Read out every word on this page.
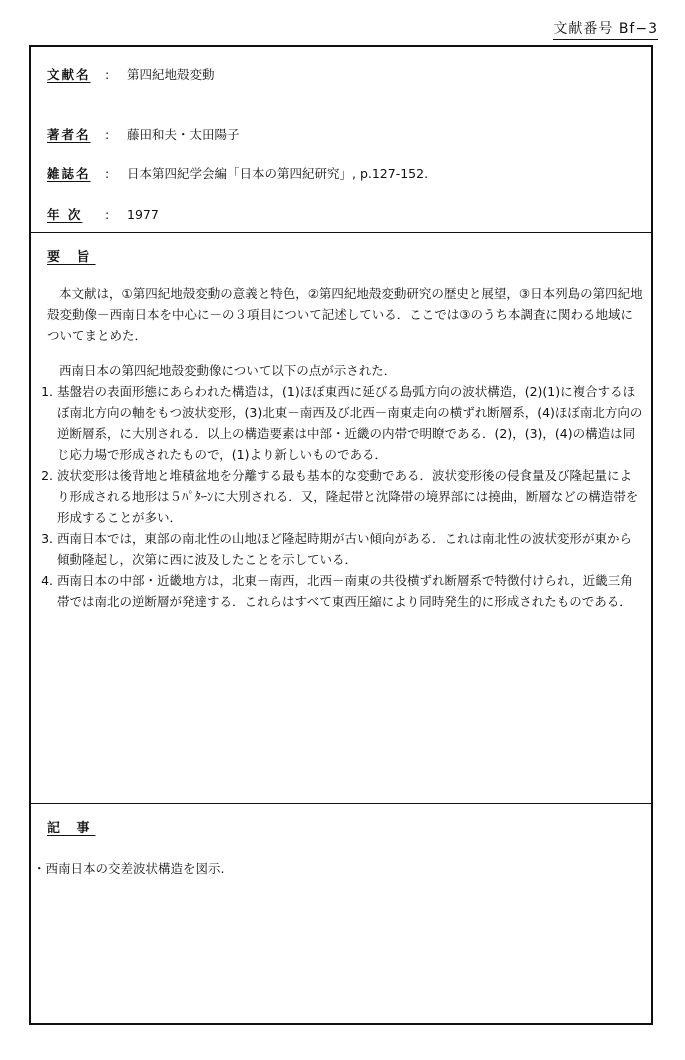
文献番号 Bf−3
文献名	:	第四紀地殻変動
著者名	:	藤田和夫・太田陽子
雑誌名	:	日本第四紀学会編「日本の第四紀研究」, p.127-152.
年 次	:	1977
要 旨

本文献は，①第四紀地殻変動の意義と特色，②第四紀地殻変動研究の歴史と展望，③日本列島の第四紀地殻変動像－西南日本を中心に－の３項目について記述している．ここでは③のうち本調査に関わる地域についてまとめた．

西南日本の第四紀地殻変動像について以下の点が示された．

1. 基盤岩の表面形態にあらわれた構造は，(1)ほぼ東西に延びる島弧方向の波状構造，(2)(1)に複合するほぼ南北方向の軸をもつ波状変形，(3)北東－南西及び北西－南東走向の横ずれ断層系，(4)ほぼ南北方向の逆断層系，に大別される．以上の構造要素は中部・近畿の内帯で明瞭である．(2)，(3)，(4)の構造は同じ応力場で形成されたもので，(1)より新しいものである．
2. 波状変形は後背地と堆積盆地を分離する最も基本的な変動である．波状変形後の侵食量及び隆起量により形成される地形は５ﾊﾟﾀｰﾝに大別される．又，隆起帯と沈降帯の境界部には撓曲，断層などの構造帯を形成することが多い．
3. 西南日本では，東部の南北性の山地ほど隆起時期が古い傾向がある．これは南北性の波状変形が東から傾動隆起し，次第に西に波及したことを示している．
4. 西南日本の中部・近畿地方は，北東－南西，北西－南東の共役横ずれ断層系で特徴付けられ，近畿三角帯では南北の逆断層が発達する．これらはすべて東西圧縮により同時発生的に形成されたものである．
記 事
・西南日本の交差波状構造を図示.
